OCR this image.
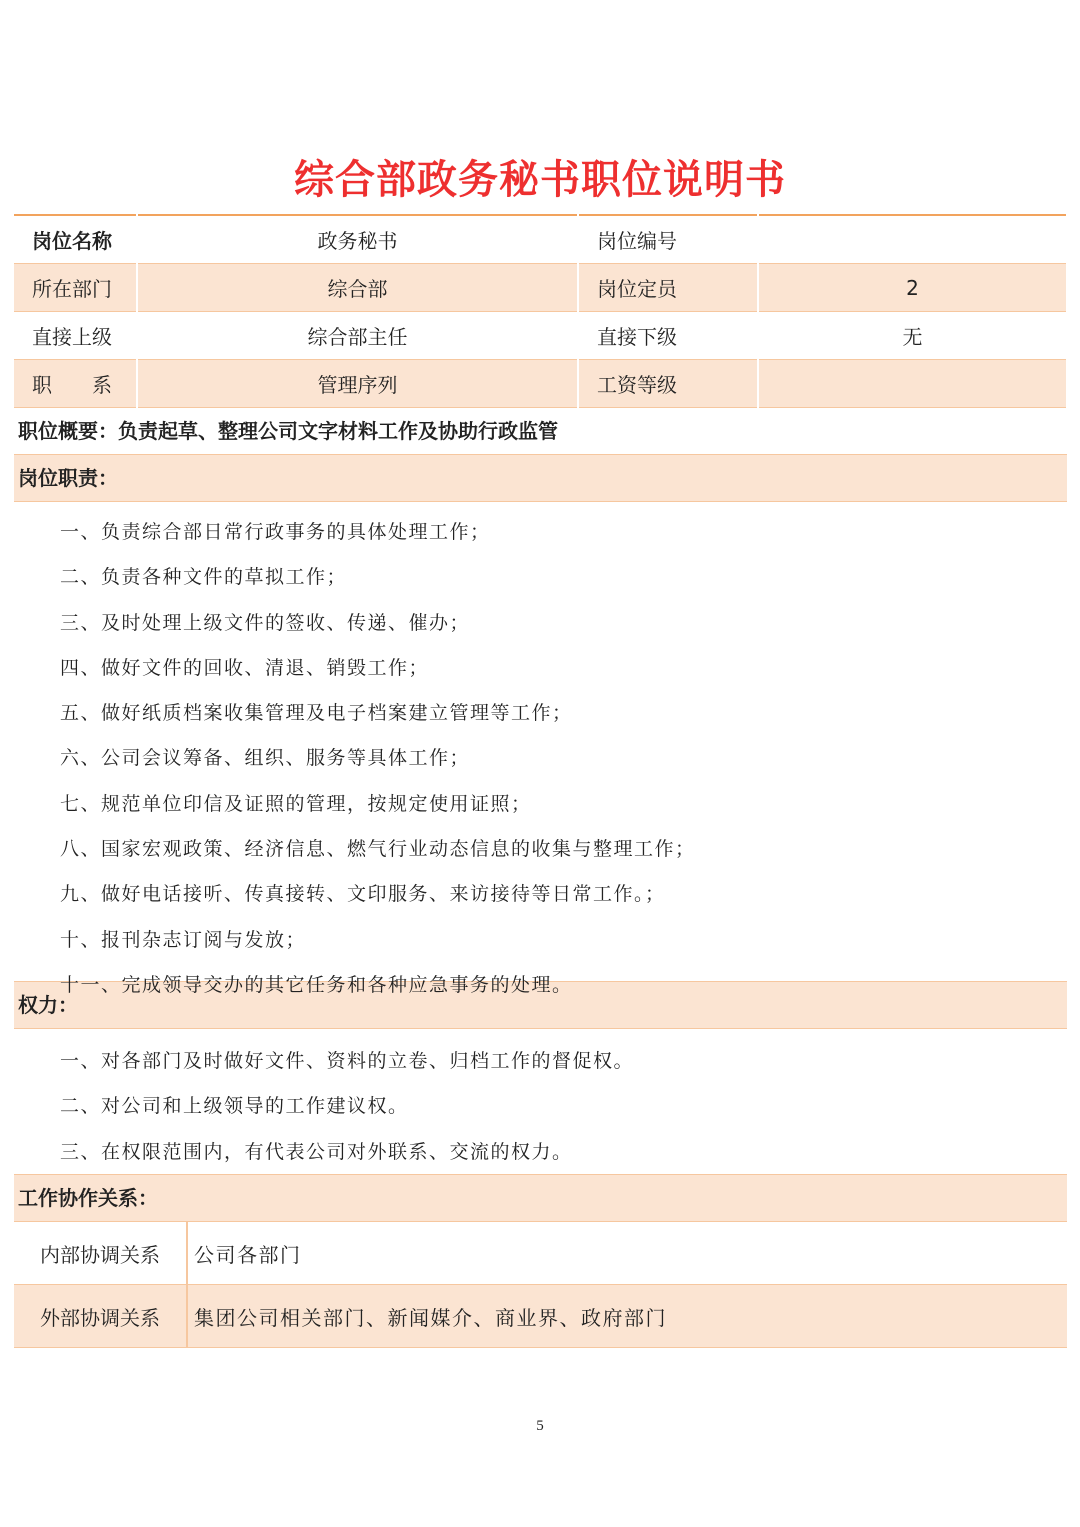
综合部政务秘书职位说明书
岗位名称	政务秘书	岗位编号	
所在部门	综合部	岗位定员	2
直接上级	综合部主任	直接下级	无
职　　系	管理序列	工资等级	
职位概要：负责起草、整理公司文字材料工作及协助行政监管
岗位职责：
一、负责综合部日常行政事务的具体处理工作；
二、负责各种文件的草拟工作；
三、及时处理上级文件的签收、传递、催办；
四、做好文件的回收、清退、销毁工作；
五、做好纸质档案收集管理及电子档案建立管理等工作；
六、公司会议筹备、组织、服务等具体工作；
七、规范单位印信及证照的管理，按规定使用证照；
八、国家宏观政策、经济信息、燃气行业动态信息的收集与整理工作；
九、做好电话接听、传真接转、文印服务、来访接待等日常工作。；
十、报刊杂志订阅与发放；
十一、完成领导交办的其它任务和各种应急事务的处理。
权力：
一、对各部门及时做好文件、资料的立卷、归档工作的督促权。
二、对公司和上级领导的工作建议权。
三、在权限范围内，有代表公司对外联系、交流的权力。
工作协作关系：
内部协调关系	公司各部门
外部协调关系	集团公司相关部门、新闻媒介、商业界、政府部门
5
